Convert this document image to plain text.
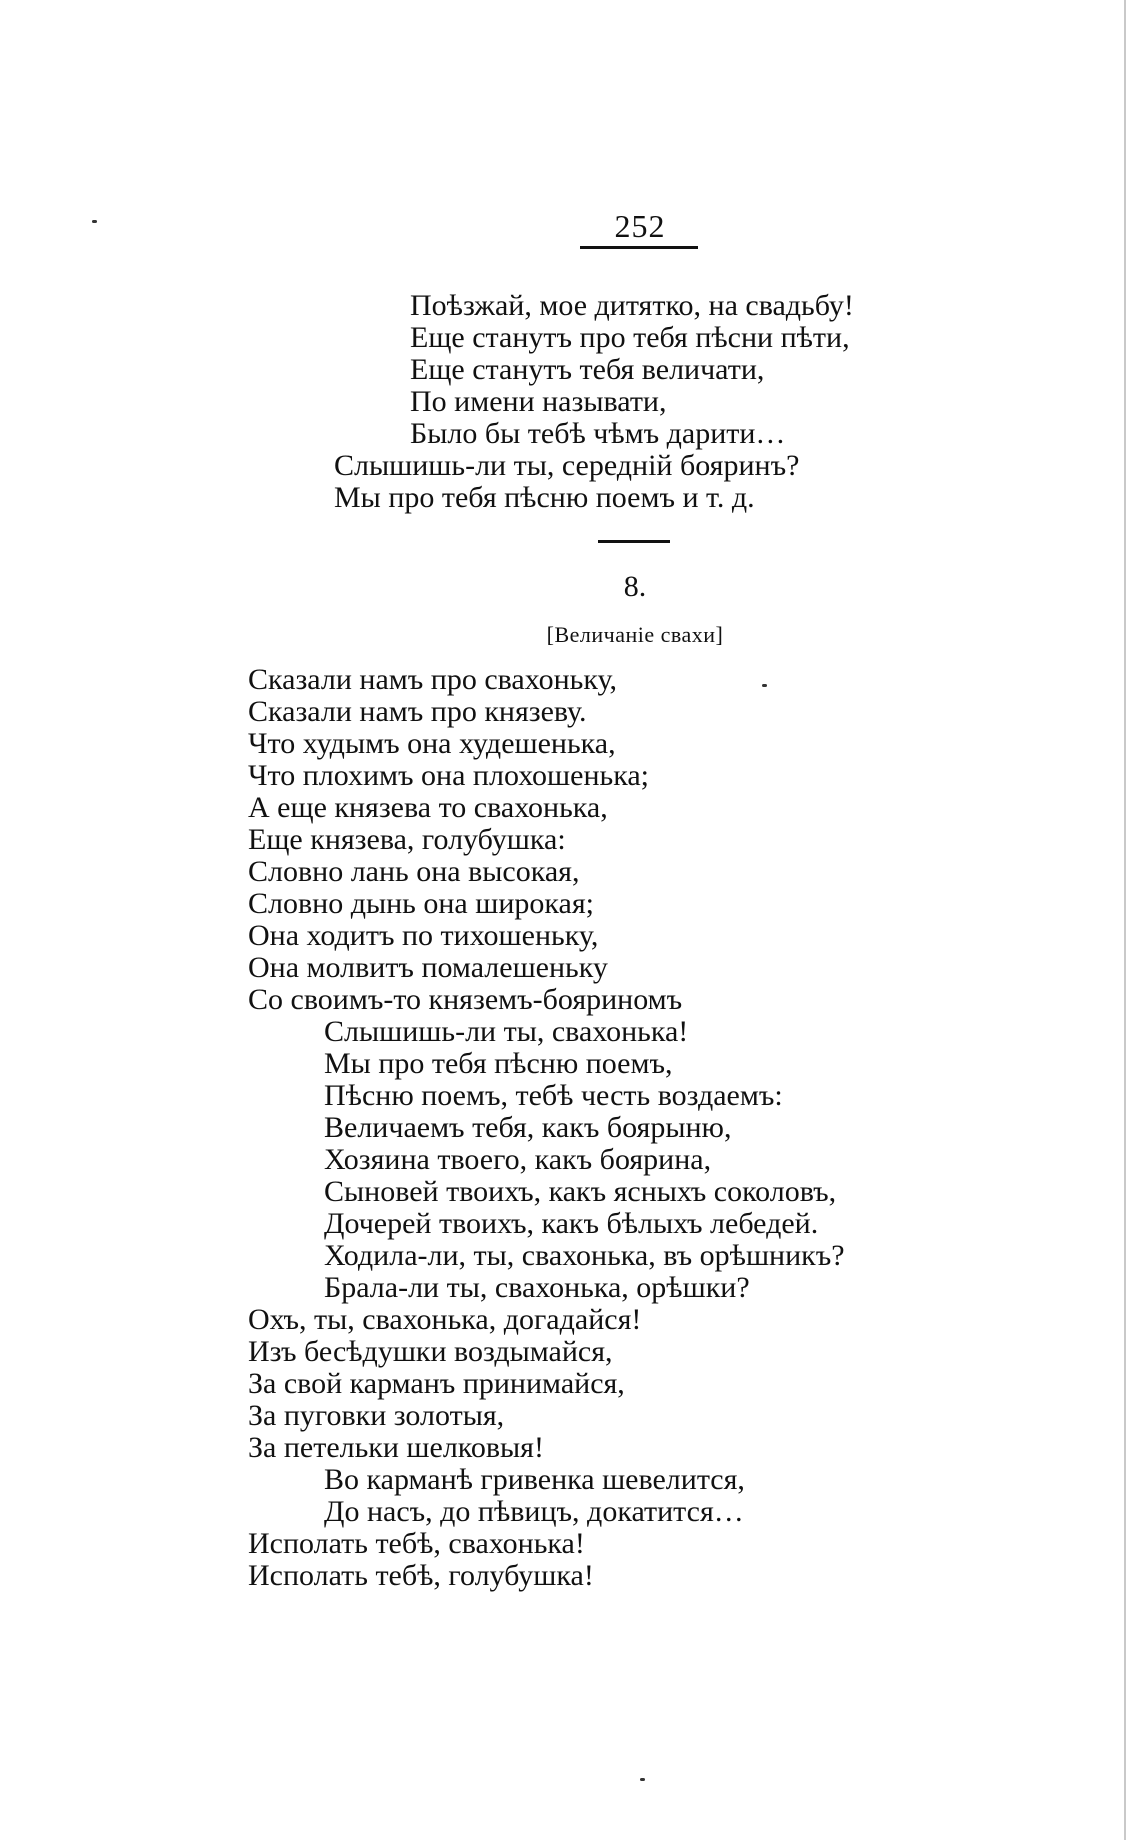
252
Поѣзжай, мое дитятко, на свадьбу!
Еще станутъ про тебя пѣсни пѣти,
Еще станутъ тебя величати,
По имени называти,
Было бы тебѣ чѣмъ дарити…
Слышишь-ли ты, середній бояринъ?
Мы про тебя пѣсню поемъ и т. д.
8.
[Величаніе свахи]
Сказали намъ про свахоньку,
Сказали намъ про князеву.
Что худымъ она худешенька,
Что плохимъ она плохошенька;
А еще князева то свахонька,
Еще князева, голубушка:
Словно лань она высокая,
Словно дынь она широкая;
Она ходитъ по тихошеньку,
Она молвитъ помалешеньку
Со своимъ-то князeмъ-бояриномъ
Слышишь-ли ты, свахонька!
Мы про тебя пѣсню поемъ,
Пѣсню поемъ, тебѣ честь воздаемъ:
Величаемъ тебя, какъ боярыню,
Хозяина твоего, какъ боярина,
Сыновей твоихъ, какъ ясныхъ соколовъ,
Дочерей твоихъ, какъ бѣлыхъ лебедей.
Ходила-ли, ты, свахонька, въ орѣшникъ?
Брала-ли ты, свахонька, орѣшки?
Охъ, ты, свахонька, догадайся!
Изъ бесѣдушки воздымайся,
За свой карманъ принимайся,
За пуговки золотыя,
За петельки шелковыя!
Во карманѣ гривенка шевелится,
До насъ, до пѣвицъ, докатится…
Исполать тебѣ, свахонька!
Исполать тебѣ, голубушка!
